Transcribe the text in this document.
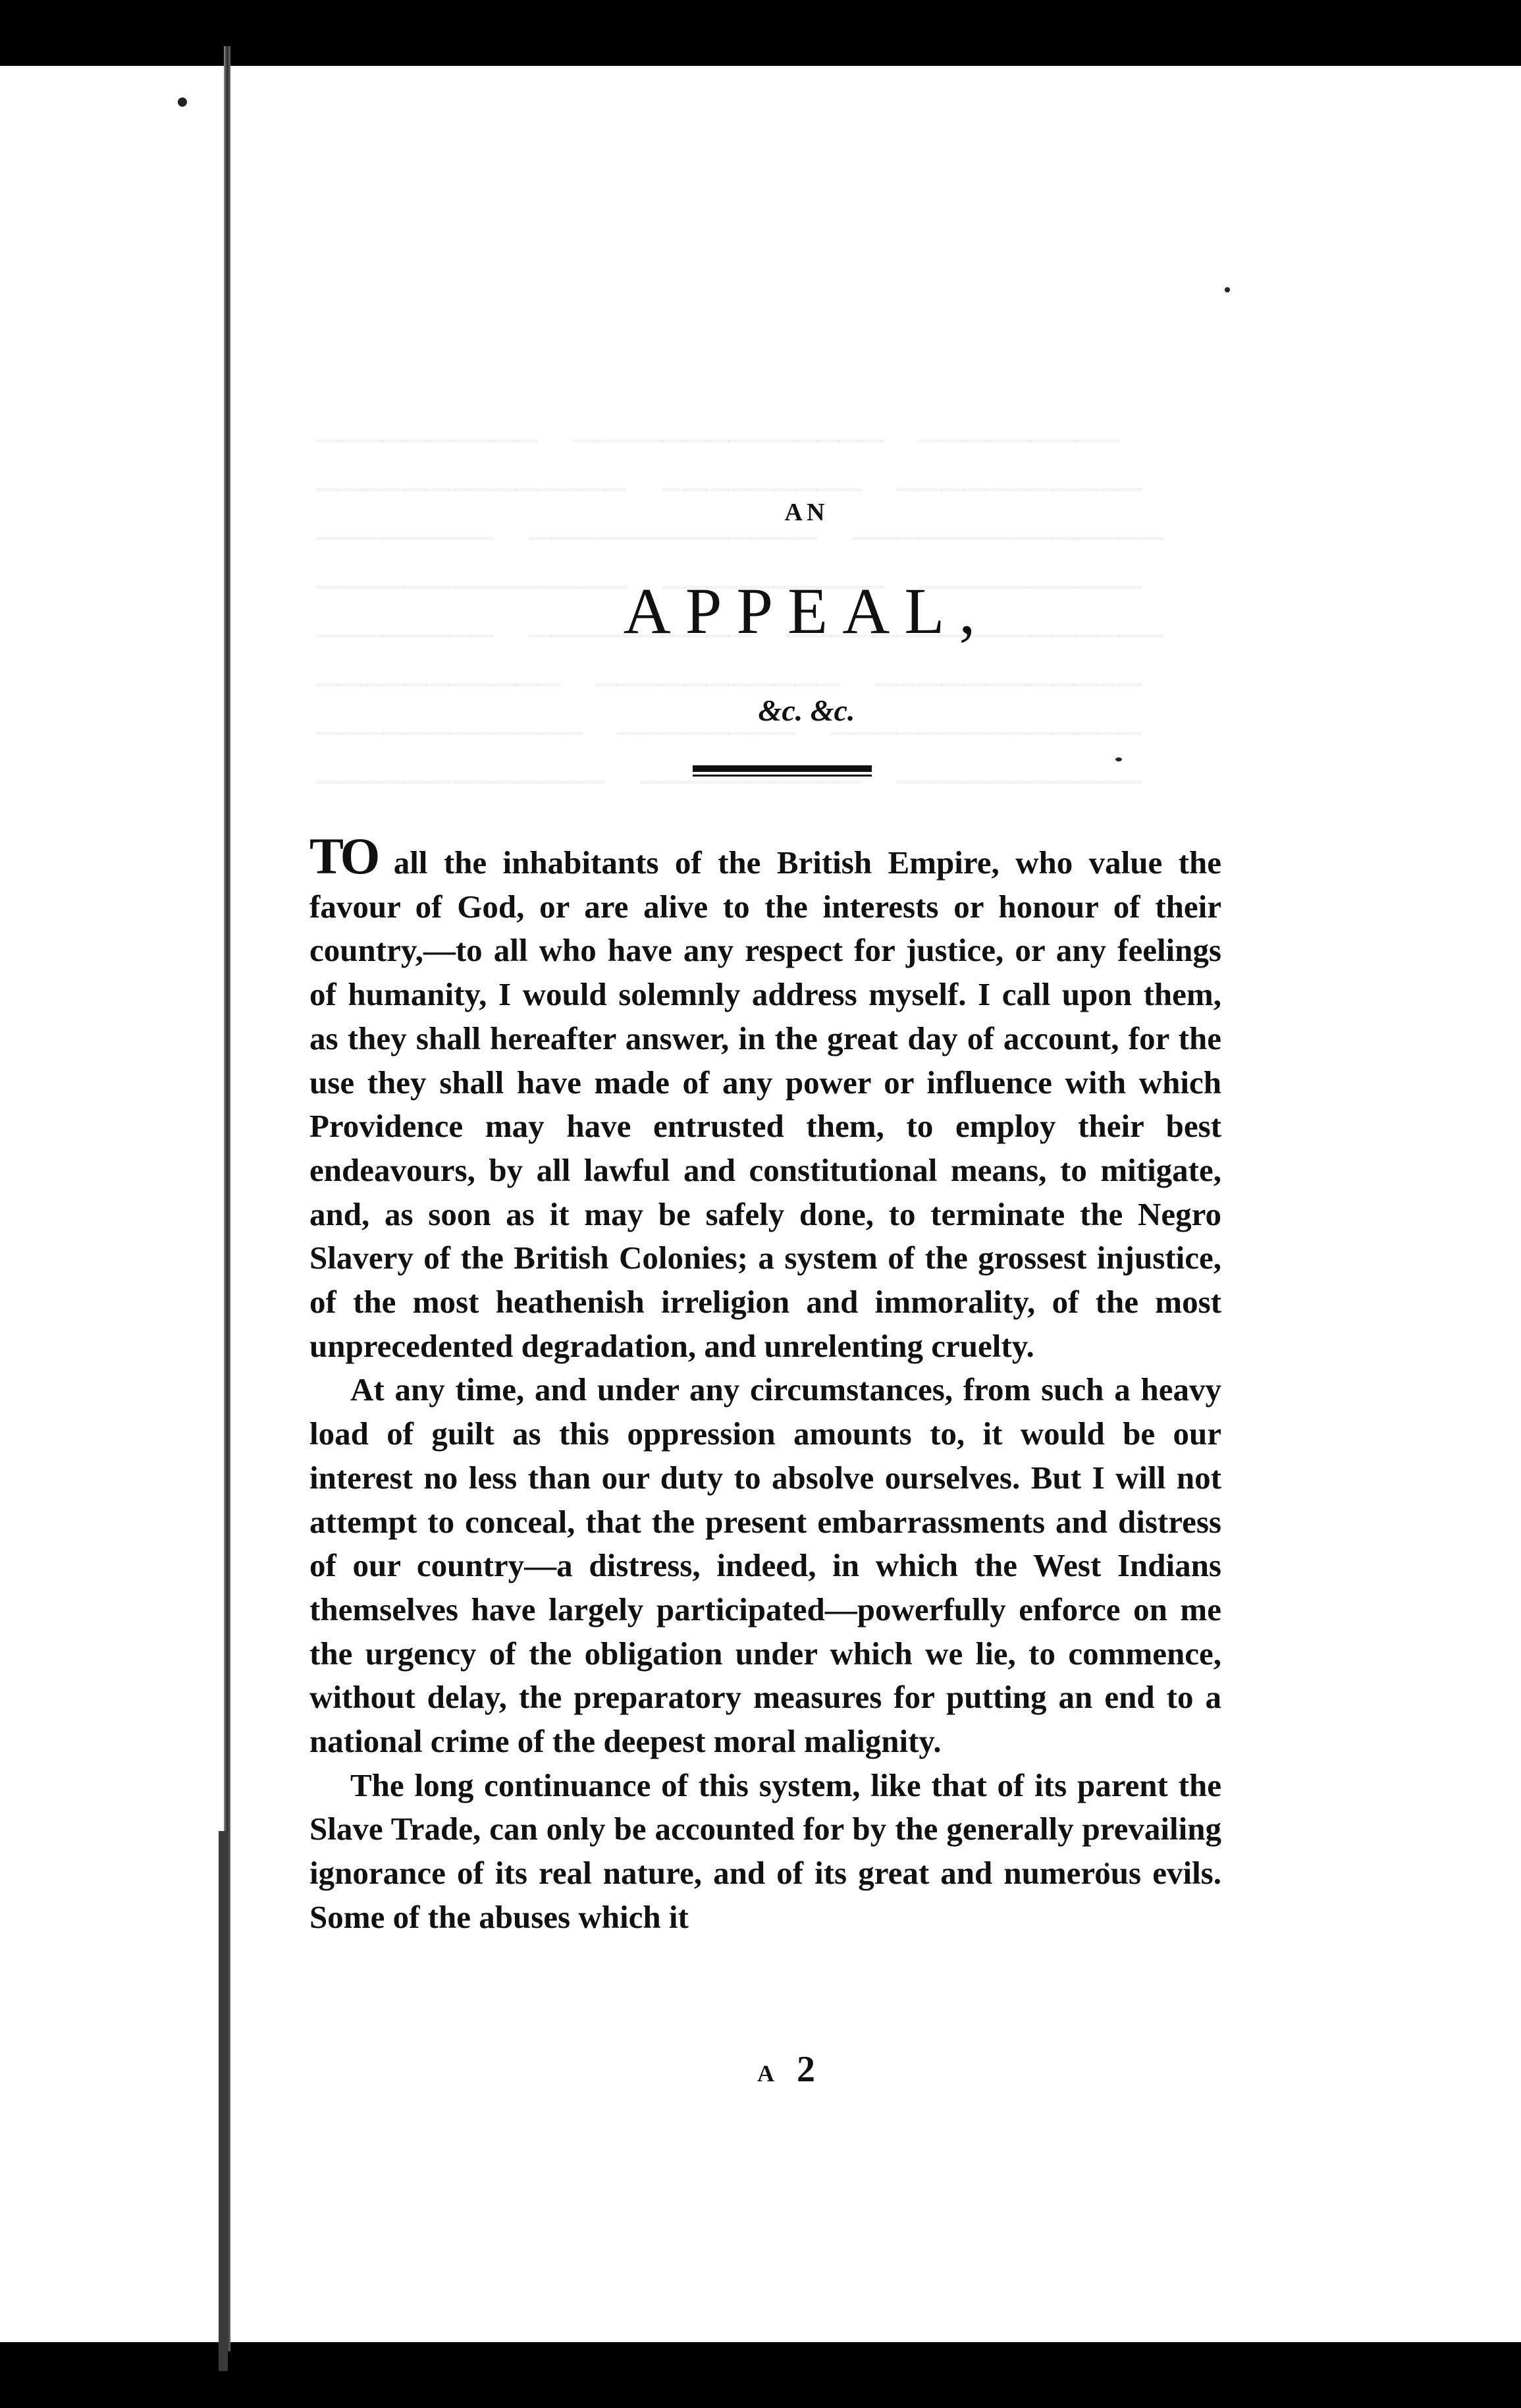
AN
APPEAL,
&c. &c.

TO all the inhabitants of the British Empire, who value the favour of God, or are alive to the interests or honour of their country,—to all who have any respect for justice, or any feelings of humanity, I would solemnly address myself. I call upon them, as they shall hereafter answer, in the great day of account, for the use they shall have made of any power or influence with which Providence may have entrusted them, to employ their best endeavours, by all lawful and constitutional means, to mitigate, and, as soon as it may be safely done, to terminate the Negro Slavery of the British Colonies; a system of the grossest injustice, of the most heathenish irreligion and immorality, of the most unprecedented degradation, and unrelenting cruelty.

At any time, and under any circumstances, from such a heavy load of guilt as this oppression amounts to, it would be our interest no less than our duty to absolve ourselves. But I will not attempt to conceal, that the present embarrassments and distress of our country—a distress, indeed, in which the West Indians themselves have largely participated—powerfully enforce on me the urgency of the obligation under which we lie, to commence, without delay, the preparatory measures for putting an end to a national crime of the deepest moral malignity.

The long continuance of this system, like that of its parent the Slave Trade, can only be accounted for by the generally prevailing ignorance of its real nature, and of its great and numerous evils. Some of the abuses which it

A 2
